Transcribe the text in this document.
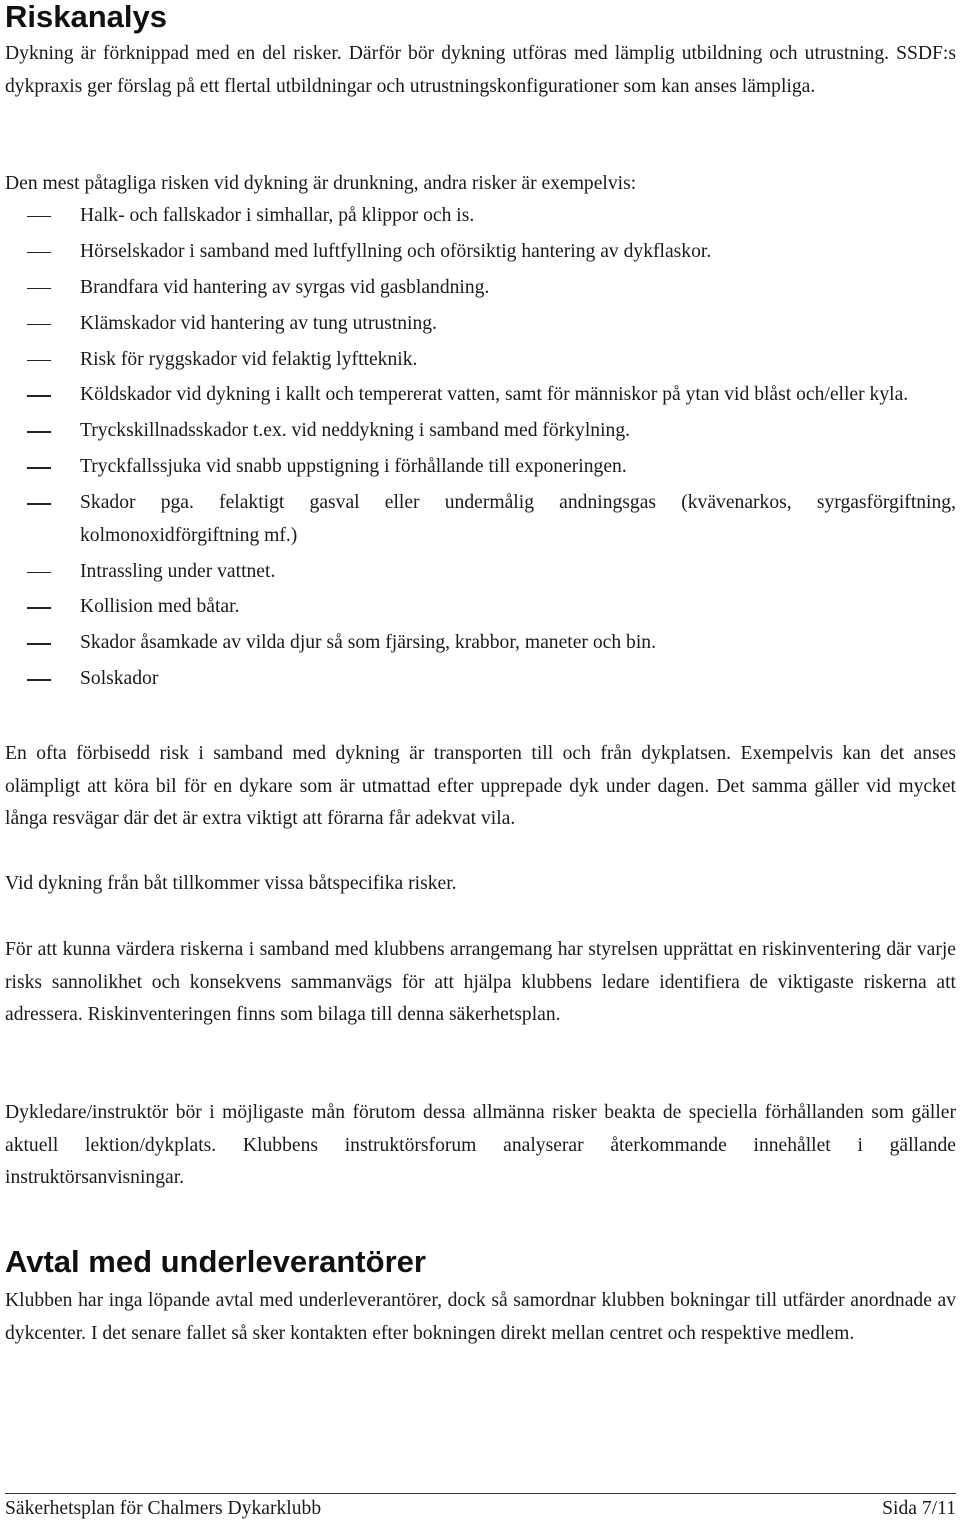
Riskanalys

Dykning är förknippad med en del risker. Därför bör dykning utföras med lämplig utbildning och utrustning. SSDF:s dykpraxis ger förslag på ett flertal utbildningar och utrustningskonfigurationer som kan anses lämpliga.

Den mest påtagliga risken vid dykning är drunkning, andra risker är exempelvis:

Halk- och fallskador i simhallar, på klippor och is.
Hörselskador i samband med luftfyllning och oförsiktig hantering av dykflaskor.
Brandfara vid hantering av syrgas vid gasblandning.
Klämskador vid hantering av tung utrustning.
Risk för ryggskador vid felaktig lyftteknik.
Köldskador vid dykning i kallt och tempererat vatten, samt för människor på ytan vid blåst och/eller kyla.
Tryckskillnadsskador t.ex. vid neddykning i samband med förkylning.
Tryckfallssjuka vid snabb uppstigning i förhållande till exponeringen.
Skador pga. felaktigt gasval eller undermålig andningsgas (kvävenarkos, syrgasförgiftning, kolmonoxidförgiftning mf.)
Intrassling under vattnet.
Kollision med båtar.
Skador åsamkade av vilda djur så som fjärsing, krabbor, maneter och bin.
Solskador

En ofta förbisedd risk i samband med dykning är transporten till och från dykplatsen. Exempelvis kan det anses olämpligt att köra bil för en dykare som är utmattad efter upprepade dyk under dagen. Det samma gäller vid mycket långa resvägar där det är extra viktigt att förarna får adekvat vila.

Vid dykning från båt tillkommer vissa båtspecifika risker.

För att kunna värdera riskerna i samband med klubbens arrangemang har styrelsen upprättat en riskinventering där varje risks sannolikhet och konsekvens sammanvägs för att hjälpa klubbens ledare identifiera de viktigaste riskerna att adressera. Riskinventeringen finns som bilaga till denna säkerhetsplan.

Dykledare/instruktör bör i möjligaste mån förutom dessa allmänna risker beakta de speciella förhållanden som gäller aktuell lektion/dykplats. Klubbens instruktörsforum analyserar återkommande innehållet i gällande instruktörsanvisningar.

Avtal med underleverantörer

Klubben har inga löpande avtal med underleverantörer, dock så samordnar klubben bokningar till utfärder anordnade av dykcenter. I det senare fallet så sker kontakten efter bokningen direkt mellan centret och respektive medlem.

Säkerhetsplan för Chalmers Dykarklubb	Sida 7/11
